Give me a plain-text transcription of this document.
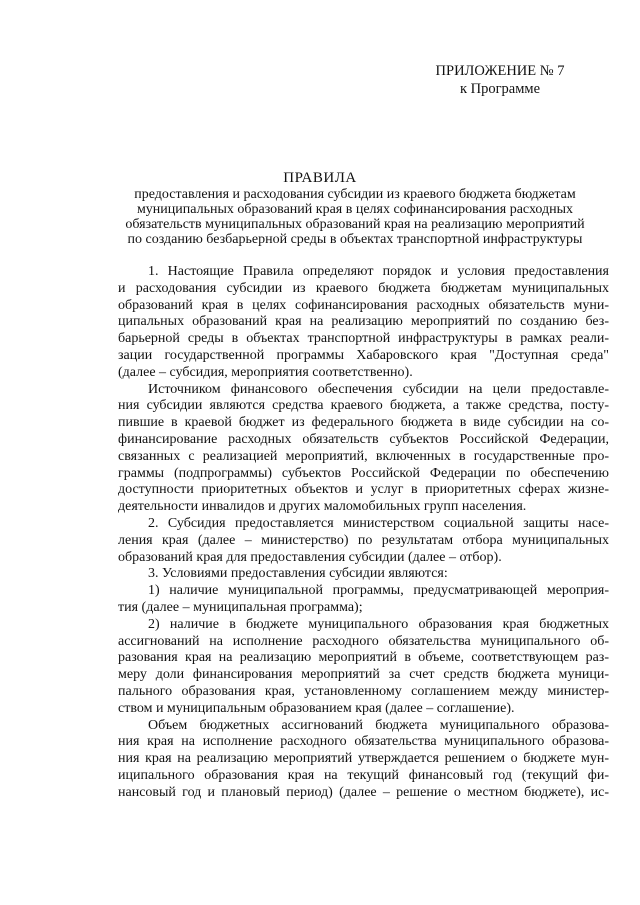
ПРИЛОЖЕНИЕ № 7
к Программе
ПРАВИЛА
предоставления и расходования субсидии из краевого бюджета бюджетам
муниципальных образований края в целях софинансирования расходных
обязательств муниципальных образований края на реализацию мероприятий
по созданию безбарьерной среды в объектах транспортной инфраструктуры
1. Настоящие Правила определяют порядок и условия предоставления
и расходования субсидии из краевого бюджета бюджетам муниципальных
образований края в целях софинансирования расходных обязательств муни-
ципальных образований края на реализацию мероприятий по созданию без-
барьерной среды в объектах транспортной инфраструктуры в рамках реали-
зации государственной программы Хабаровского края "Доступная среда"
(далее – субсидия, мероприятия соответственно).
Источником финансового обеспечения субсидии на цели предоставле-
ния субсидии являются средства краевого бюджета, а также средства, посту-
пившие в краевой бюджет из федерального бюджета в виде субсидии на со-
финансирование расходных обязательств субъектов Российской Федерации,
связанных с реализацией мероприятий, включенных в государственные про-
граммы (подпрограммы) субъектов Российской Федерации по обеспечению
доступности приоритетных объектов и услуг в приоритетных сферах жизне-
деятельности инвалидов и других маломобильных групп населения.
2. Субсидия предоставляется министерством социальной защиты насе-
ления края (далее – министерство) по результатам отбора муниципальных
образований края для предоставления субсидии (далее – отбор).
3. Условиями предоставления субсидии являются:
1) наличие муниципальной программы, предусматривающей мероприя-
тия (далее – муниципальная программа);
2) наличие в бюджете муниципального образования края бюджетных
ассигнований на исполнение расходного обязательства муниципального об-
разования края на реализацию мероприятий в объеме, соответствующем раз-
меру доли финансирования мероприятий за счет средств бюджета муници-
пального образования края, установленному соглашением между министер-
ством и муниципальным образованием края (далее – соглашение).
Объем бюджетных ассигнований бюджета муниципального образова-
ния края на исполнение расходного обязательства муниципального образова-
ния края на реализацию мероприятий утверждается решением о бюджете мун-
иципального образования края на текущий финансовый год (текущий фи-
нансовый год и плановый период) (далее – решение о местном бюджете), ис-
